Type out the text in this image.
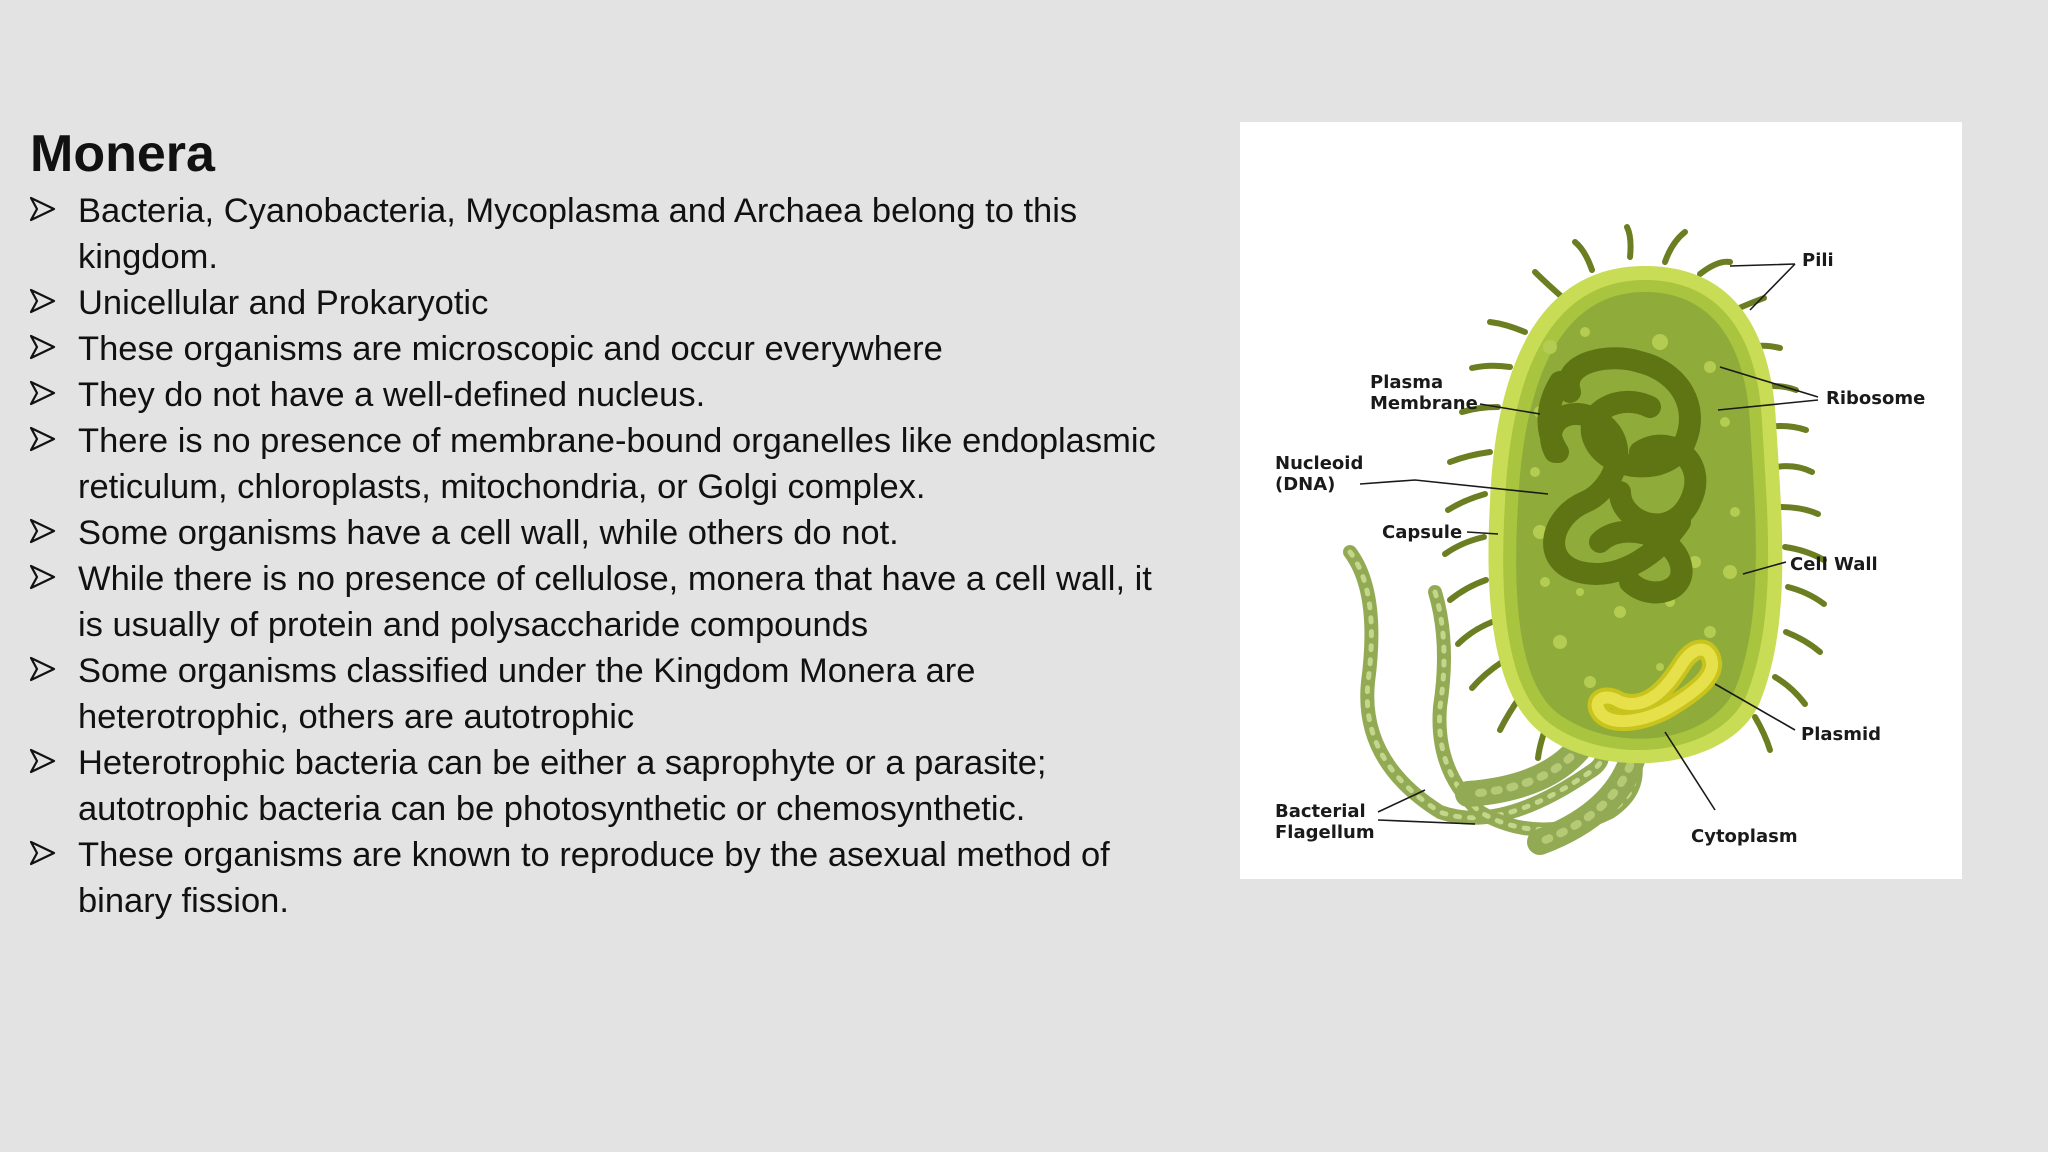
Monera
Bacteria, Cyanobacteria, Mycoplasma and Archaea belong to this kingdom.
Unicellular and Prokaryotic
These organisms are microscopic and occur everywhere
They do not have a well-defined nucleus.
There is no presence of membrane-bound organelles like endoplasmic reticulum, chloroplasts, mitochondria, or Golgi complex.
Some organisms have a cell wall, while others do not.
While there is no presence of cellulose, monera that have a cell wall, it is usually of protein and polysaccharide compounds
Some organisms classified under the Kingdom Monera are heterotrophic, others are autotrophic
Heterotrophic bacteria can be either a saprophyte or a parasite; autotrophic bacteria can be photosynthetic or chemosynthetic.
These organisms are known to reproduce by the asexual method of binary fission.
Pili
Ribosome
Plasma
Membrane
Nucleoid
(DNA)
Capsule
Cell Wall
Plasmid
Bacterial
Flagellum	Cytoplasm
